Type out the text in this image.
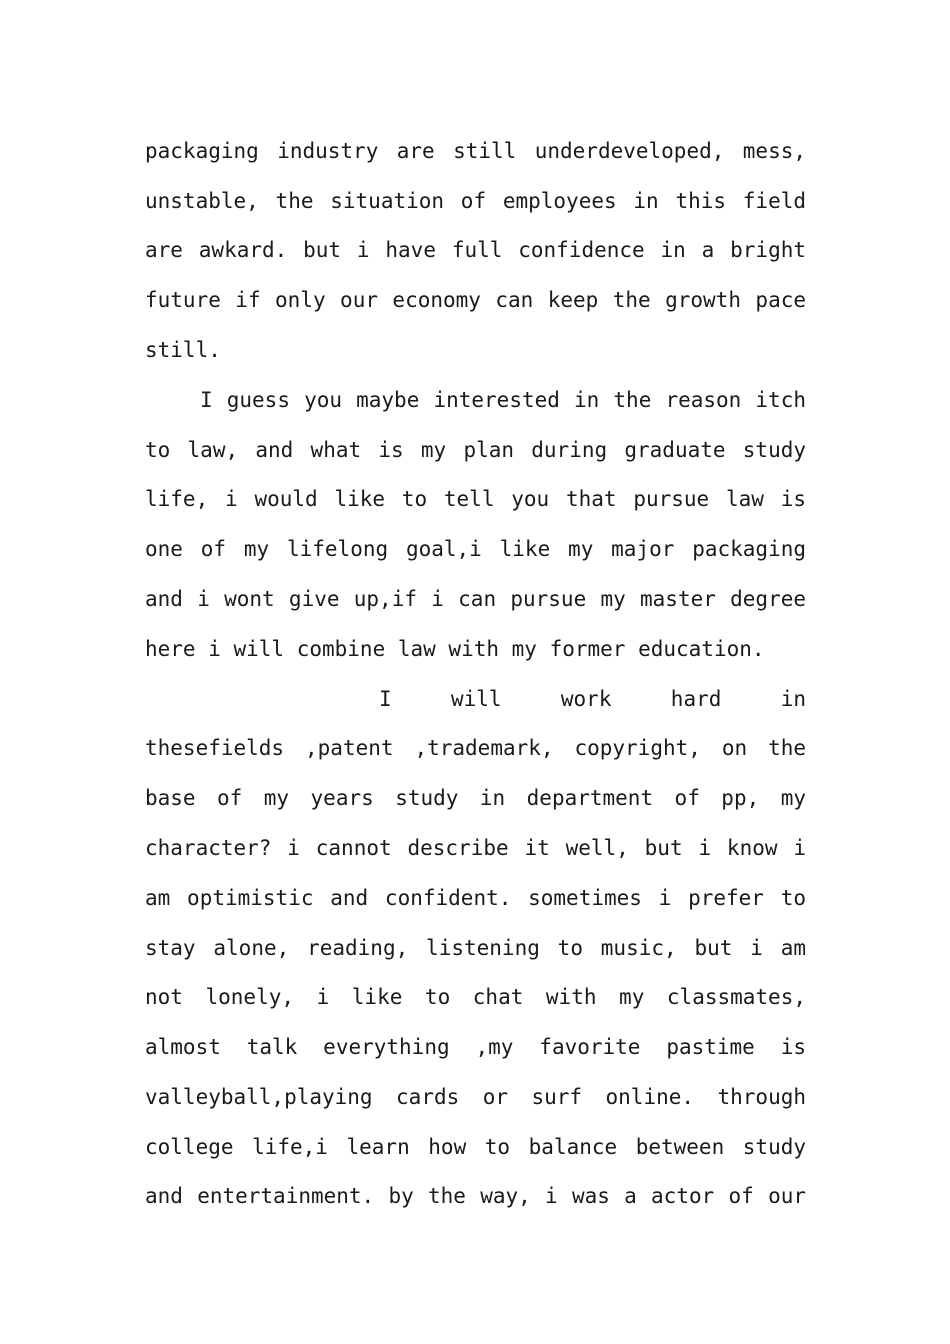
packaging industry are still underdeveloped, mess,
unstable, the situation of employees in this field
are awkard. but i have full confidence in a bright
future if only our economy can keep the growth pace
still.
I guess you maybe interested in the reason itch
to law, and what is my plan during graduate study
life, i would like to tell you that pursue law is
one of my lifelong goal,i like my major packaging
and i wont give up,if i can pursue my master degree
here i will combine law with my former education.
I will work hard in
thesefields ,patent ,trademark, copyright, on the
base of my years study in department of pp, my
character? i cannot describe it well, but i know i
am optimistic and confident. sometimes i prefer to
stay alone, reading, listening to music, but i am
not lonely, i like to chat with my classmates,
almost talk everything ,my favorite pastime is
valleyball,playing cards or surf online. through
college life,i learn how to balance between study
and entertainment. by the way, i was a actor of our
